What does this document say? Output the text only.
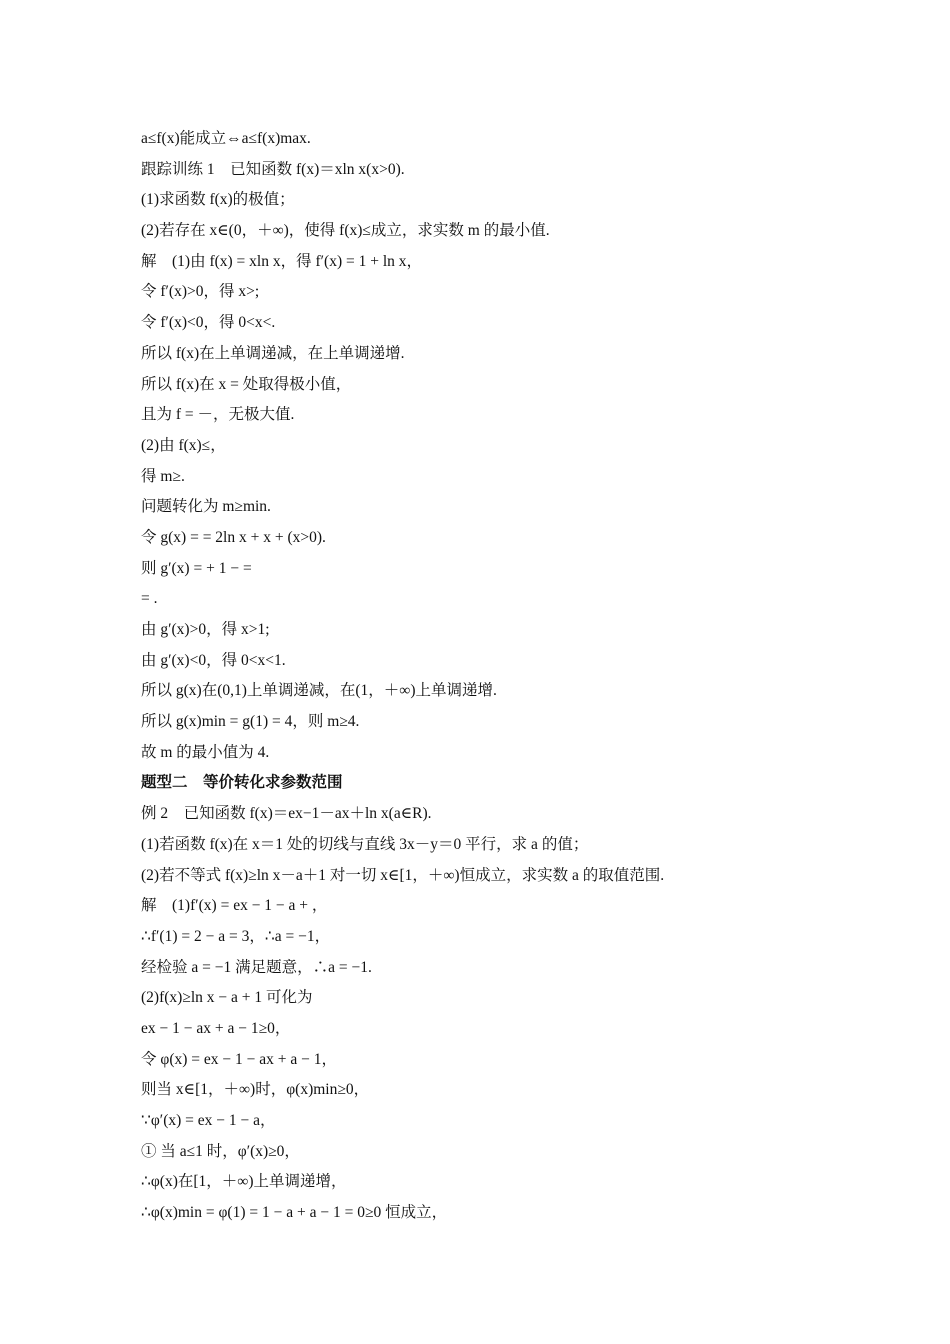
a≤f(x)能成立⇔a≤f(x)max.
跟踪训练 1　已知函数 f(x)＝xln x(x>0).
(1)求函数 f(x)的极值；
(2)若存在 x∈(0，＋∞)，使得 f(x)≤成立，求实数 m 的最小值.
解　(1)由 f(x) = xln x，得 f′(x) = 1 + ln x，
令 f′(x)>0，得 x>;
令 f′(x)<0，得 0<x<.
所以 f(x)在上单调递减，在上单调递增.
所以 f(x)在 x = 处取得极小值，
且为 f = －，无极大值.
(2)由 f(x)≤，
得 m≥.
问题转化为 m≥min.
令 g(x) = = 2ln x + x + (x>0).
则 g′(x) = + 1 − =
= .
由 g′(x)>0，得 x>1;
由 g′(x)<0，得 0<x<1.
所以 g(x)在(0,1)上单调递减，在(1，＋∞)上单调递增.
所以 g(x)min = g(1) = 4，则 m≥4.
故 m 的最小值为 4.
题型二　等价转化求参数范围
例 2　已知函数 f(x)＝ex−1－ax＋ln x(a∈R).
(1)若函数 f(x)在 x＝1 处的切线与直线 3x－y＝0 平行，求 a 的值；
(2)若不等式 f(x)≥ln x－a＋1 对一切 x∈[1，＋∞)恒成立，求实数 a 的取值范围.
解　(1)f′(x) = ex − 1 − a + ，
∴f′(1) = 2 − a = 3，∴a = −1，
经检验 a = −1 满足题意，∴a = −1.
(2)f(x)≥ln x − a + 1 可化为
ex − 1 − ax + a − 1≥0，
令 φ(x) = ex − 1 − ax + a − 1，
则当 x∈[1，＋∞)时，φ(x)min≥0，
∵φ′(x) = ex − 1 − a，
① 当 a≤1 时，φ′(x)≥0，
∴φ(x)在[1，＋∞)上单调递增，
∴φ(x)min = φ(1) = 1 − a + a − 1 = 0≥0 恒成立，
